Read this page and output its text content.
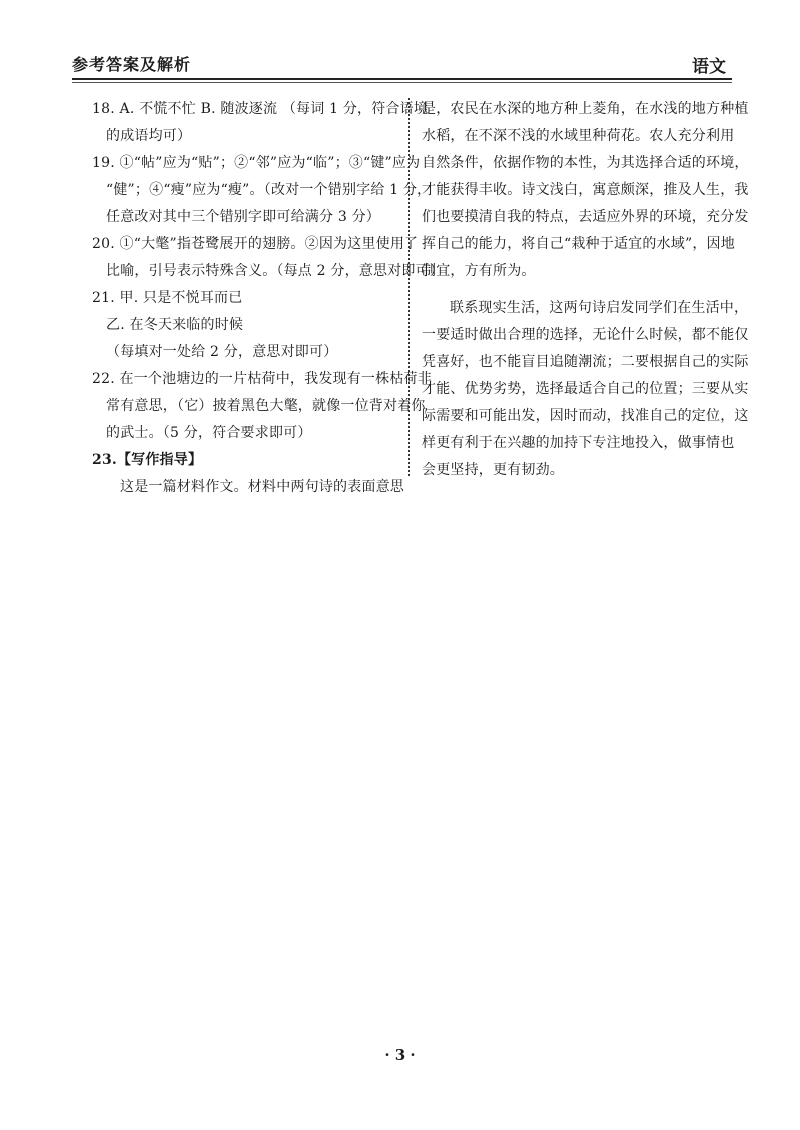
参考答案及解析	语文
18. A. 不慌不忙 B. 随波逐流 （每词 1 分，符合语境
的成语均可）
19. ①“帖”应为“贴”；②“邻”应为“临”；③“键”应为
“健”；④“痩”应为“瘦”。（改对一个错别字给 1 分，
任意改对其中三个错别字即可给满分 3 分）
20. ①“大氅”指苍鹭展开的翅膀。②因为这里使用了
比喻，引号表示特殊含义。（每点 2 分，意思对即可）
21. 甲. 只是不悦耳而已
乙. 在冬天来临的时候
（每填对一处给 2 分，意思对即可）
22. 在一个池塘边的一片枯荷中，我发现有一株枯荷非
常有意思，（它）披着黑色大氅，就像一位背对着你
的武士。（5 分，符合要求即可）
23.【写作指导】
这是一篇材料作文。材料中两句诗的表面意思
是，农民在水深的地方种上菱角，在水浅的地方种植
水稻，在不深不浅的水域里种荷花。农人充分利用
自然条件，依据作物的本性，为其选择合适的环境，
才能获得丰收。诗文浅白，寓意颇深，推及人生，我
们也要摸清自我的特点，去适应外界的环境，充分发
挥自己的能力，将自己“栽种于适宜的水域”，因地
制宜，方有所为。
联系现实生活，这两句诗启发同学们在生活中，
一要适时做出合理的选择，无论什么时候，都不能仅
凭喜好，也不能盲目追随潮流；二要根据自己的实际
才能、优势劣势，选择最适合自己的位置；三要从实
际需要和可能出发，因时而动，找准自己的定位，这
样更有利于在兴趣的加持下专注地投入，做事情也
会更坚持，更有韧劲。
· 3 ·
